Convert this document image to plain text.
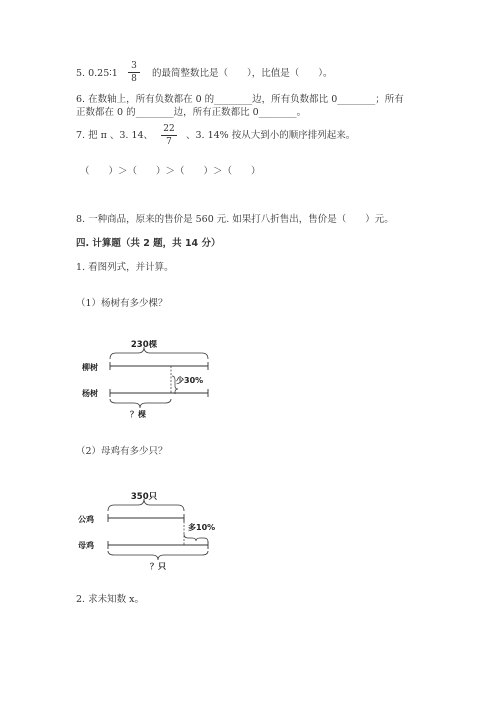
5. 0.25∶1
3
8	的最简整数比是（　　），比值是（　　）。
6. 在数轴上，所有负数都在 0 的________边，所有负数都比 0________；所有
正数都在 0 的________边，所有正数都比 0________。
7. 把 π 、3. 14、
22
7
、3. 14% 按从大到小的顺序排列起来。
（　　）＞（　　）＞（　　）＞（　　）
8. 一种商品，原来的售价是 560 元. 如果打八折售出，售价是（　　）元。
四. 计算题（共 2 题，共 14 分）
1. 看图列式，并计算。
（1）杨树有多少棵？
230棵
柳树
少30%
杨树
？棵
（2）母鸡有多少只？
350只
公鸡
多10%
母鸡
？只
2. 求未知数 x。
